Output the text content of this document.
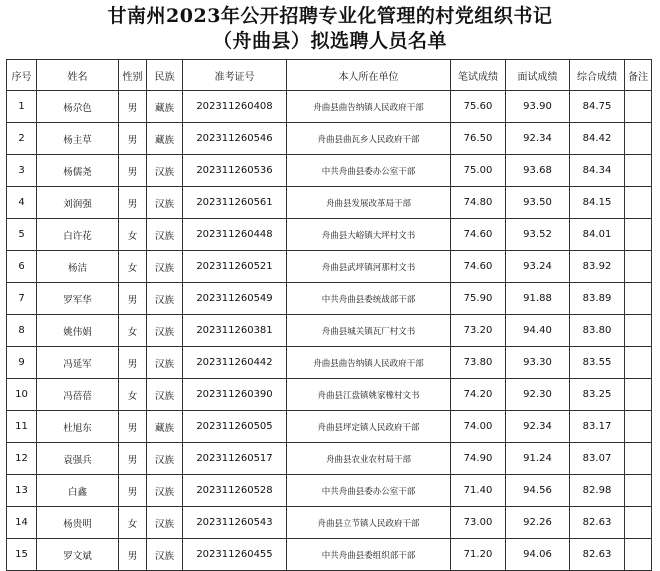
甘南州2023年公开招聘专业化管理的村党组织书记
（舟曲县）拟选聘人员名单
序号	姓名	性别	民族	准考证号	本人所在单位	笔试成绩	面试成绩	综合成绩	备注
1	杨尕色	男	藏族	202311260408	舟曲县曲告纳镇人民政府干部	75.60	93.90	84.75	
2	杨主草	男	藏族	202311260546	舟曲县曲瓦乡人民政府干部	76.50	92.34	84.42	
3	杨儒尧	男	汉族	202311260536	中共舟曲县委办公室干部	75.00	93.68	84.34	
4	刘润强	男	汉族	202311260561	舟曲县发展改革局干部	74.80	93.50	84.15	
5	白许花	女	汉族	202311260448	舟曲县大峪镇大坪村文书	74.60	93.52	84.01	
6	杨洁	女	汉族	202311260521	舟曲县武坪镇河那村文书	74.60	93.24	83.92	
7	罗军华	男	汉族	202311260549	中共舟曲县委统战部干部	75.90	91.88	83.89	
8	姚伟娟	女	汉族	202311260381	舟曲县城关镇瓦厂村文书	73.20	94.40	83.80	
9	冯延军	男	汉族	202311260442	舟曲县曲告纳镇人民政府干部	73.80	93.30	83.55	
10	冯蓓蓓	女	汉族	202311260390	舟曲县江盘镇姚家橡村文书	74.20	92.30	83.25	
11	杜旭东	男	藏族	202311260505	舟曲县坪定镇人民政府干部	74.00	92.34	83.17	
12	袁强兵	男	汉族	202311260517	舟曲县农业农村局干部	74.90	91.24	83.07	
13	白鑫	男	汉族	202311260528	中共舟曲县委办公室干部	71.40	94.56	82.98	
14	杨贵明	女	汉族	202311260543	舟曲县立节镇人民政府干部	73.00	92.26	82.63	
15	罗文斌	男	汉族	202311260455	中共舟曲县委组织部干部	71.20	94.06	82.63	
